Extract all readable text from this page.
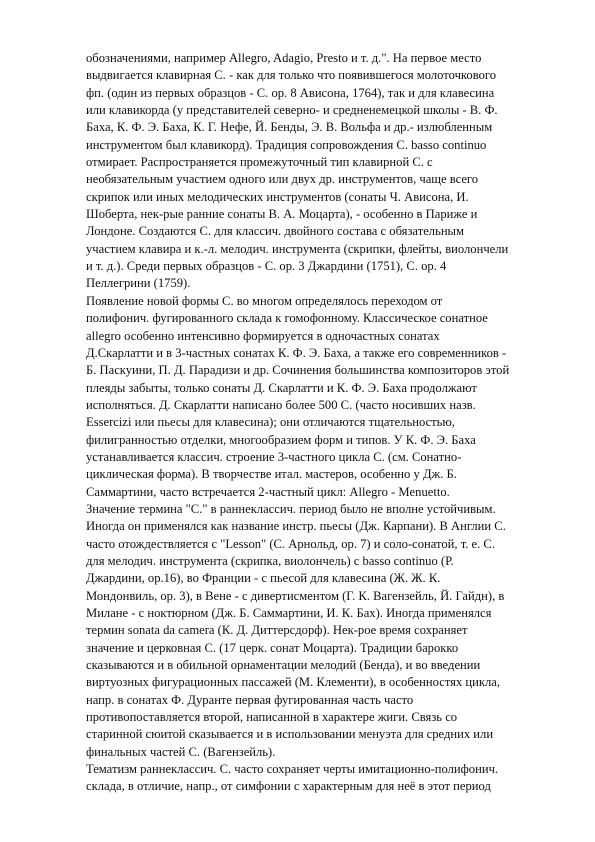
обозначениями, например Allegro, Adagio, Presto и т. д.". На первое место
выдвигается клавирная С. - как для только что появившегося молоточкового
фп. (один из первых образцов - С. ор. 8 Ависона, 1764), так и для клавесина
или клавикорда (у представителей северно- и средненемецкой школы - В. Ф.
Баха, К. Ф. Э. Баха, К. Г. Нефе, Й. Бенды, Э. В. Вольфа и др.- излюбленным
инструментом был клавикорд). Традиция сопровождения С. basso continuo
отмирает. Распространяется промежуточный тип клавирной С. с
необязательным участием одного или двух др. инструментов, чаще всего
скрипок или иных мелодических инструментов (сонаты Ч. Ависона, И.
Шоберта, нек-рые ранние сонаты В. А. Моцарта), - особенно в Париже и
Лондоне. Создаются С. для классич. двойного состава с обязательным
участием клавира и к.-л. мелодич. инструмента (скрипки, флейты, виолончели
и т. д.). Среди первых образцов - С. ор. 3 Джардини (1751), С. ор. 4
Пеллегрини (1759).
Появление новой формы С. во многом определялось переходом от
полифонич. фугированного склада к гомофонному. Классическое сонатное
allegro особенно интенсивно формируется в одночастных сонатах
Д.Скарлатти и в 3-частных сонатах К. Ф. Э. Баха, а также его современников -
Б. Паскуини, П. Д. Парадизи и др. Сочинения большинства композиторов этой
плеяды забыты, только сонаты Д. Скарлатти и К. Ф. Э. Баха продолжают
исполняться. Д. Скарлатти написано более 500 С. (часто носивших назв.
Essercizi или пьесы для клавесина); они отличаются тщательностью,
филигранностью отделки, многообразием форм и типов. У К. Ф. Э. Баха
устанавливается классич. строение 3-частного цикла С. (см. Сонатно-
циклическая форма). В творчестве итал. мастеров, особенно у Дж. Б.
Саммартини, часто встречается 2-частный цикл: Allegro - Menuetto.
Значение термина "С." в раннеклассич. период было не вполне устойчивым.
Иногда он применялся как название инстр. пьесы (Дж. Карпани). В Англии С.
часто отождествляется с "Lesson" (С. Арнольд, ор. 7) и соло-сонатой, т. е. С.
для мелодич. инструмента (скрипка, виолончель) с basso continuo (Р.
Джардини, ор.16), во Франции - с пьесой для клавесина (Ж. Ж. К.
Мондонвиль, ор. 3), в Вене - с дивертисментом (Г. К. Вагензейль, Й. Гайдн), в
Милане - с ноктюрном (Дж. Б. Саммартини, И. К. Бах). Иногда применялся
термин sonata da camera (К. Д. Диттерсдорф). Нек-рое время сохраняет
значение и церковная С. (17 церк. сонат Моцарта). Традиции барокко
сказываются и в обильной орнаментации мелодий (Бенда), и во введении
виртуозных фигурационных пассажей (М. Клементи), в особенностях цикла,
напр. в сонатах Ф. Дуранте первая фугированная часть часто
противопоставляется второй, написанной в характере жиги. Связь со
старинной сюитой сказывается и в использовании менуэта для средних или
финальных частей С. (Вагензейль).
Тематизм раннеклассич. С. часто сохраняет черты имитационно-полифонич.
склада, в отличие, напр., от симфонии с характерным для неё в этот период
